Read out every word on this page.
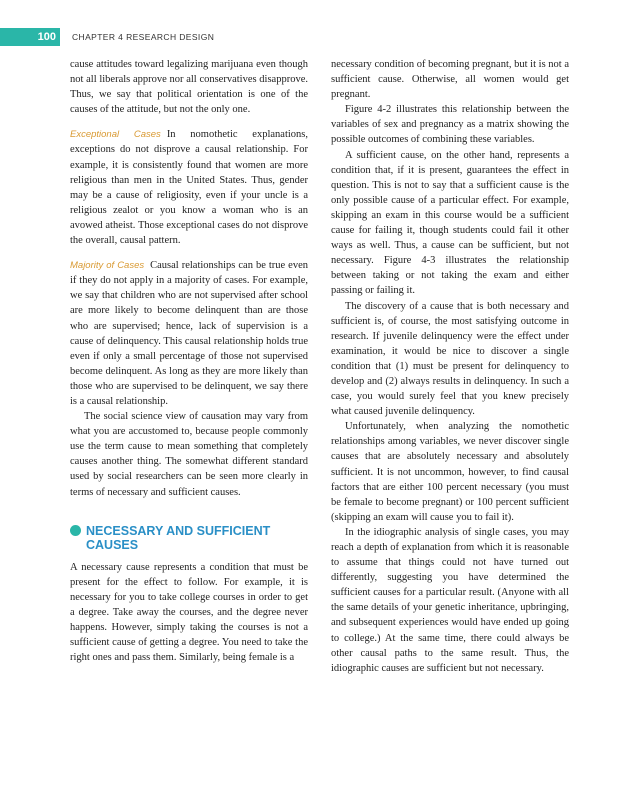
100	CHAPTER 4 RESEARCH DESIGN

cause attitudes toward legalizing marijuana even though not all liberals approve nor all conservatives disapprove. Thus, we say that political orientation is one of the causes of the attitude, but not the only one.

Exceptional Cases In nomothetic explanations, exceptions do not disprove a causal relationship. For example, it is consistently found that women are more religious than men in the United States. Thus, gender may be a cause of religiosity, even if your uncle is a religious zealot or you know a woman who is an avowed atheist. Those exceptional cases do not disprove the overall, causal pattern.

Majority of Cases Causal relationships can be true even if they do not apply in a majority of cases. For example, we say that children who are not supervised after school are more likely to become delinquent than are those who are supervised; hence, lack of supervision is a cause of delinquency. This causal relationship holds true even if only a small percentage of those not supervised become delinquent. As long as they are more likely than those who are supervised to be delinquent, we say there is a causal relationship.

The social science view of causation may vary from what you are accustomed to, because people commonly use the term cause to mean something that completely causes another thing. The somewhat different standard used by social researchers can be seen more clearly in terms of necessary and sufficient causes.

NECESSARY AND SUFFICIENT
CAUSES

A necessary cause represents a condition that must be present for the effect to follow. For example, it is necessary for you to take college courses in order to get a degree. Take away the courses, and the degree never happens. However, simply taking the courses is not a sufficient cause of getting a degree. You need to take the right ones and pass them. Similarly, being female is a

necessary condition of becoming pregnant, but it is not a sufficient cause. Otherwise, all women would get pregnant.

Figure 4-2 illustrates this relationship between the variables of sex and pregnancy as a matrix showing the possible outcomes of combining these variables.

A sufficient cause, on the other hand, represents a condition that, if it is present, guarantees the effect in question. This is not to say that a sufficient cause is the only possible cause of a particular effect. For example, skipping an exam in this course would be a sufficient cause for failing it, though students could fail it other ways as well. Thus, a cause can be sufficient, but not necessary. Figure 4-3 illustrates the relationship between taking or not taking the exam and either passing or failing it.

The discovery of a cause that is both necessary and sufficient is, of course, the most satisfying outcome in research. If juvenile delinquency were the effect under examination, it would be nice to discover a single condition that (1) must be present for delinquency to develop and (2) always results in delinquency. In such a case, you would surely feel that you knew precisely what caused juvenile delinquency.

Unfortunately, when analyzing the nomothetic relationships among variables, we never discover single causes that are absolutely necessary and absolutely sufficient. It is not uncommon, however, to find causal factors that are either 100 percent necessary (you must be female to become pregnant) or 100 percent sufficient (skipping an exam will cause you to fail it).

In the idiographic analysis of single cases, you may reach a depth of explanation from which it is reasonable to assume that things could not have turned out differently, suggesting you have determined the sufficient causes for a particular result. (Anyone with all the same details of your genetic inheritance, upbringing, and subsequent experiences would have ended up going to college.) At the same time, there could always be other causal paths to the same result. Thus, the idiographic causes are sufficient but not necessary.
